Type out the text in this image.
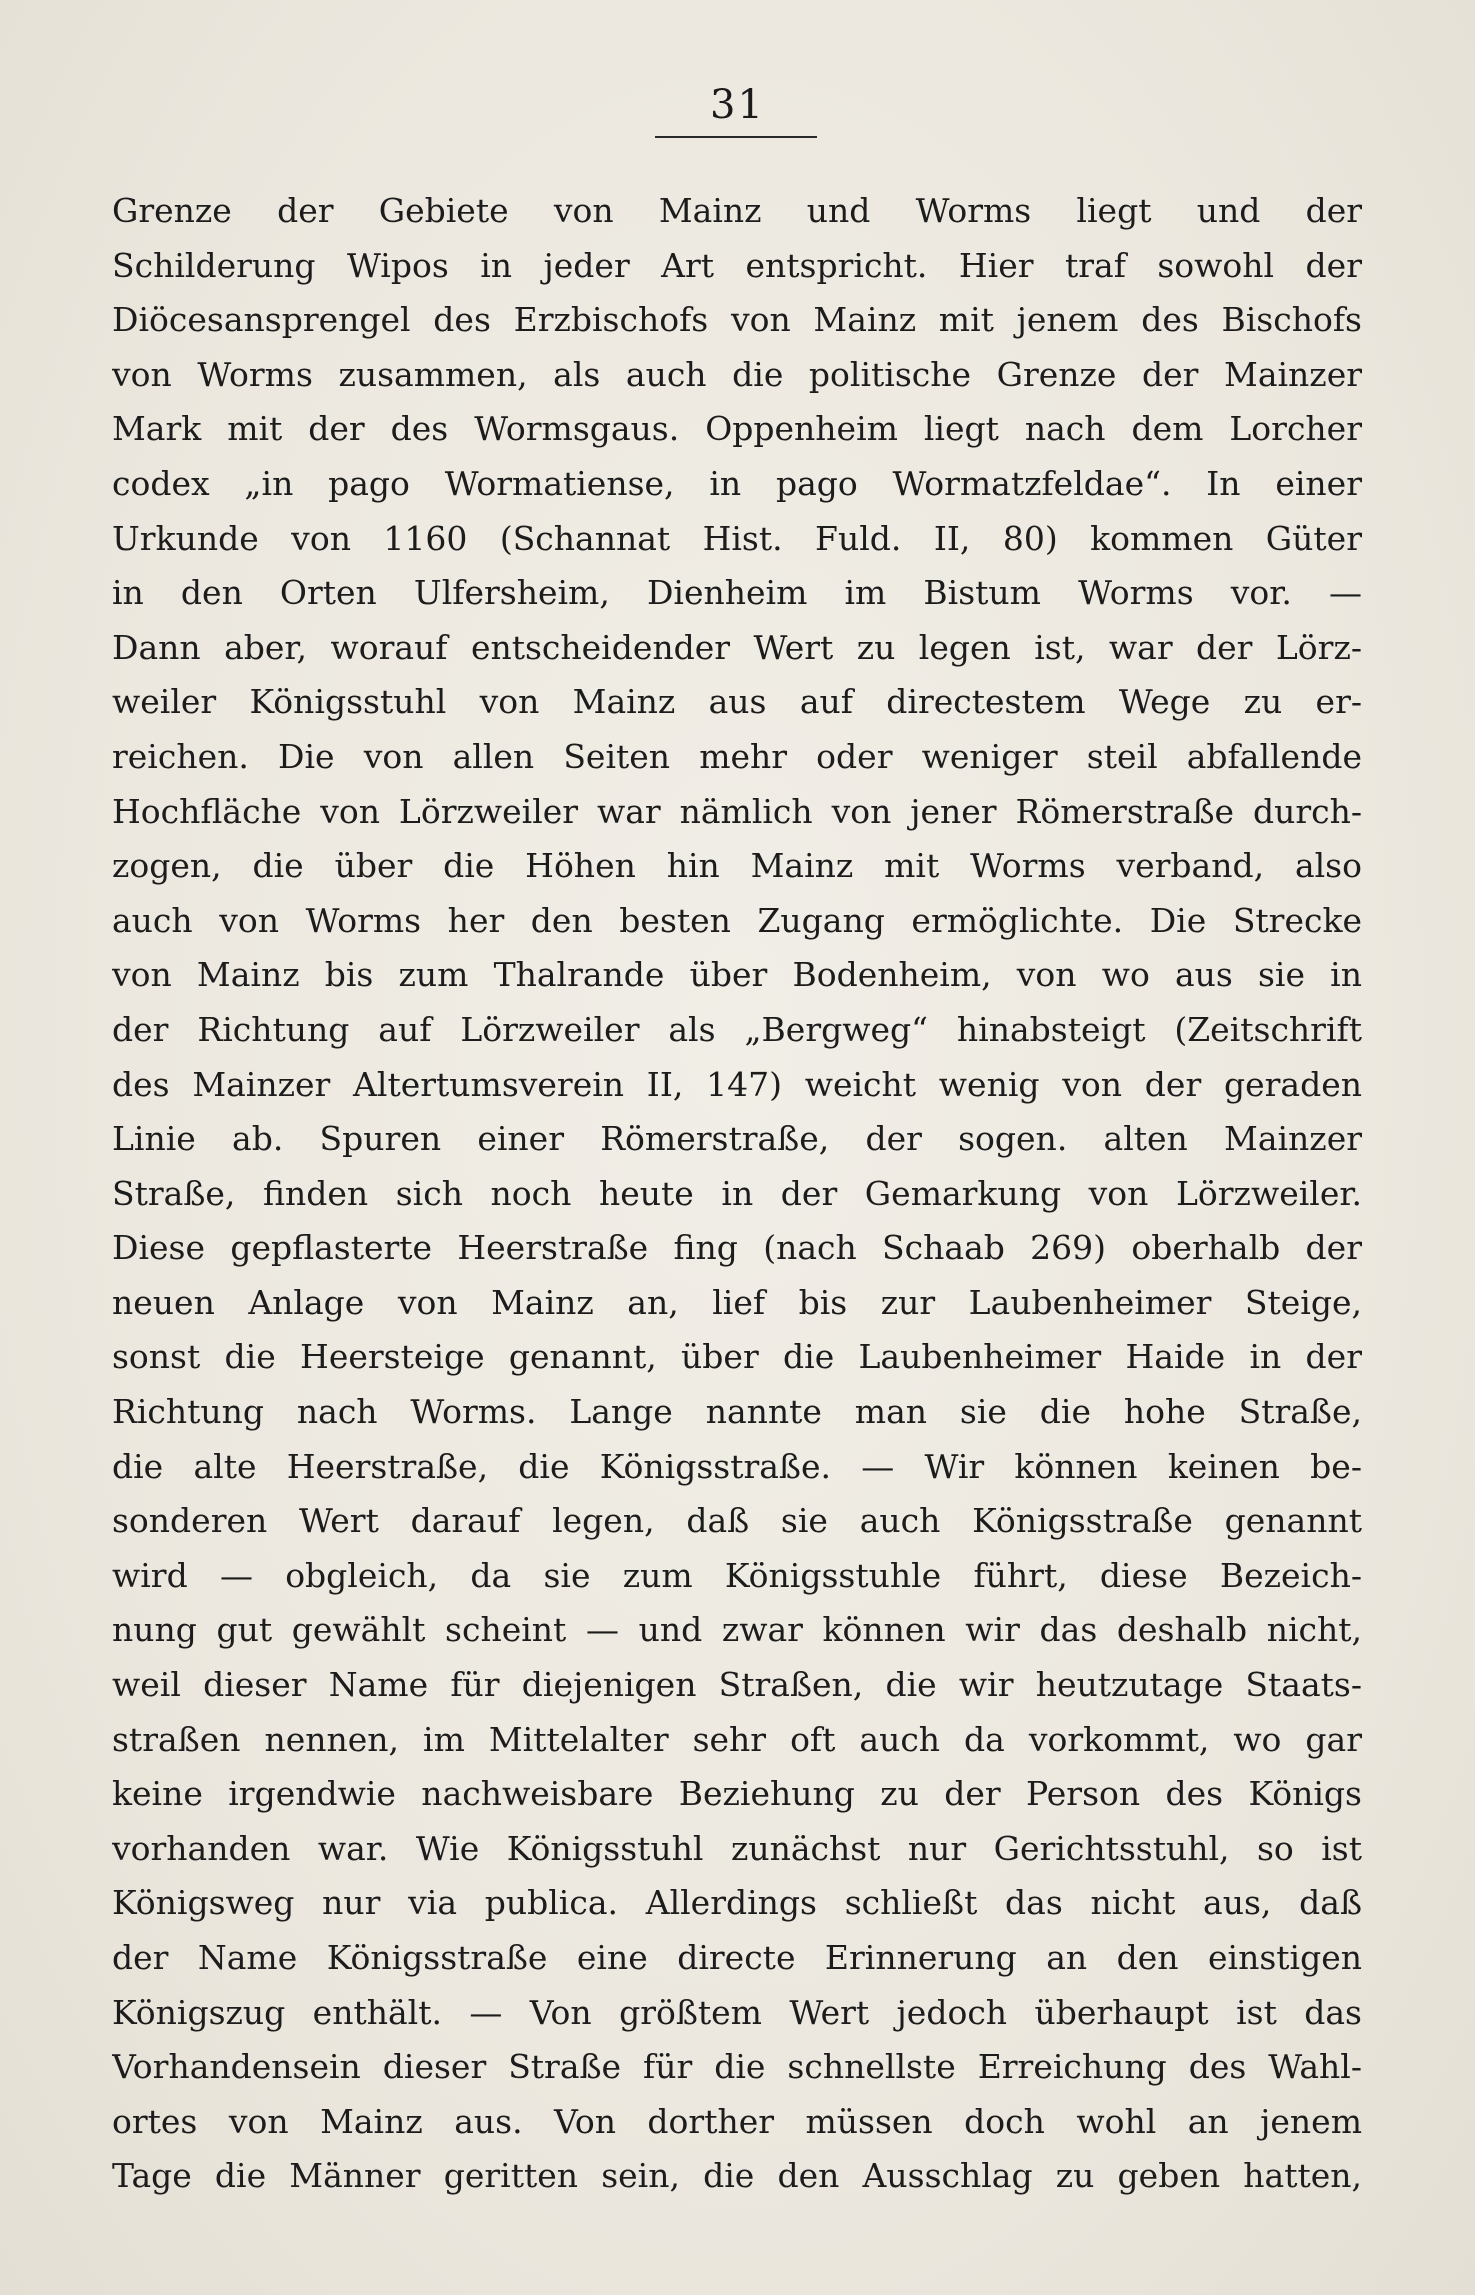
31
Grenze der Gebiete von Mainz und Worms liegt und der
Schilderung Wipos in jeder Art entspricht. Hier traf sowohl der
Diöcesansprengel des Erzbischofs von Mainz mit jenem des Bischofs
von Worms zusammen, als auch die politische Grenze der Mainzer
Mark mit der des Wormsgaus. Oppenheim liegt nach dem Lorcher
codex „in pago Wormatiense, in pago Wormatzfeldae“. In einer
Urkunde von 1160 (Schannat Hist. Fuld. II, 80) kommen Güter
in den Orten Ulfersheim, Dienheim im Bistum Worms vor. —
Dann aber, worauf entscheidender Wert zu legen ist, war der Lörz-
weiler Königsstuhl von Mainz aus auf directestem Wege zu er-
reichen. Die von allen Seiten mehr oder weniger steil abfallende
Hochfläche von Lörzweiler war nämlich von jener Römerstraße durch-
zogen, die über die Höhen hin Mainz mit Worms verband, also
auch von Worms her den besten Zugang ermöglichte. Die Strecke
von Mainz bis zum Thalrande über Bodenheim, von wo aus sie in
der Richtung auf Lörzweiler als „Bergweg“ hinabsteigt (Zeitschrift
des Mainzer Altertumsverein II, 147) weicht wenig von der geraden
Linie ab. Spuren einer Römerstraße, der sogen. alten Mainzer
Straße, finden sich noch heute in der Gemarkung von Lörzweiler.
Diese gepflasterte Heerstraße fing (nach Schaab 269) oberhalb der
neuen Anlage von Mainz an, lief bis zur Laubenheimer Steige,
sonst die Heersteige genannt, über die Laubenheimer Haide in der
Richtung nach Worms. Lange nannte man sie die hohe Straße,
die alte Heerstraße, die Königsstraße. — Wir können keinen be-
sonderen Wert darauf legen, daß sie auch Königsstraße genannt
wird — obgleich, da sie zum Königsstuhle führt, diese Bezeich-
nung gut gewählt scheint — und zwar können wir das deshalb nicht,
weil dieser Name für diejenigen Straßen, die wir heutzutage Staats-
straßen nennen, im Mittelalter sehr oft auch da vorkommt, wo gar
keine irgendwie nachweisbare Beziehung zu der Person des Königs
vorhanden war. Wie Königsstuhl zunächst nur Gerichtsstuhl, so ist
Königsweg nur via publica. Allerdings schließt das nicht aus, daß
der Name Königsstraße eine directe Erinnerung an den einstigen
Königszug enthält. — Von größtem Wert jedoch überhaupt ist das
Vorhandensein dieser Straße für die schnellste Erreichung des Wahl-
ortes von Mainz aus. Von dorther müssen doch wohl an jenem
Tage die Männer geritten sein, die den Ausschlag zu geben hatten,
